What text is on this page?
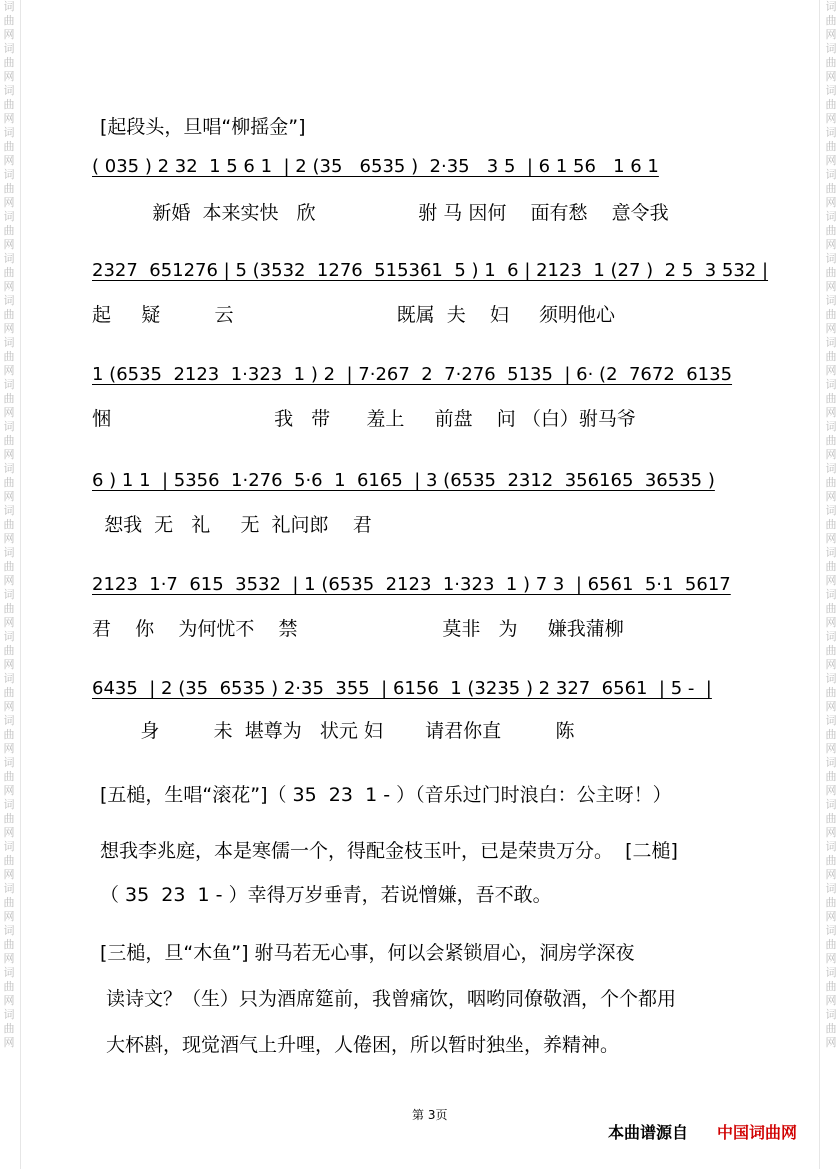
词曲网词曲网词曲网词曲网词曲网词曲网词曲网词曲网词曲网词曲网词曲网词曲网词曲网词曲网词曲网词曲网词曲网词曲网词曲网词曲网词曲网词曲网词曲网词曲网词曲网
词曲网词曲网词曲网词曲网词曲网词曲网词曲网词曲网词曲网词曲网词曲网词曲网词曲网词曲网词曲网词曲网词曲网词曲网词曲网词曲网词曲网词曲网词曲网词曲网词曲网
[起段头，旦唱“柳摇金”]
( 035 ) 2 32  1 5 6 1  | 2 (35   6535 )  2·35   3 5  | 6 1 56   1 6 1
新婚  本来实快   欣                 驸 马 因何    面有愁    意令我
2327  651276 | 5 (3532  1276  515361  5 ) 1  6 | 2123  1 (27 )  2 5  3 532 |
起     疑         云                           既属  夫    妇     须明他心
1 (6535  2123  1·323  1 ) 2  | 7·267  2  7·276  5135  | 6· (2  7672  6135
悃                           我   带      羞上     前盘    问 （白）驸马爷
6 ) 1 1  | 5356  1·276  5·6  1  6165  | 3 (6535  2312  356165  36535 )
恕我  无   礼     无  礼问郎    君
2123  1·7  615  3532  | 1 (6535  2123  1·323  1 ) 7 3  | 6561  5·1  5617
君    你    为何忧不    禁                        莫非   为     嫌我蒲柳
6435  | 2 (35  6535 ) 2·35  355  | 6156  1 (3235 ) 2 327  6561  | 5 -  |
身         未  堪尊为   状元 妇       请君你直         陈
[五槌，生唱“滚花”]（ 35  23  1 - ）（音乐过门时浪白：公主呀！）
想我李兆庭，本是寒儒一个，得配金枝玉叶，已是荣贵万分。  [二槌]
（ 35  23  1 - ）幸得万岁垂青，若说憎嫌，吾不敢。
[三槌，旦“木鱼”] 驸马若无心事，何以会紧锁眉心，洞房学深夜
读诗文？（生）只为酒席筵前，我曾痛饮，咽哟同僚敬酒，个个都用
大杯斟，现觉酒气上升哩，人倦困，所以暂时独坐，养精神。
第 3页
本曲谱源自 中国词曲网
